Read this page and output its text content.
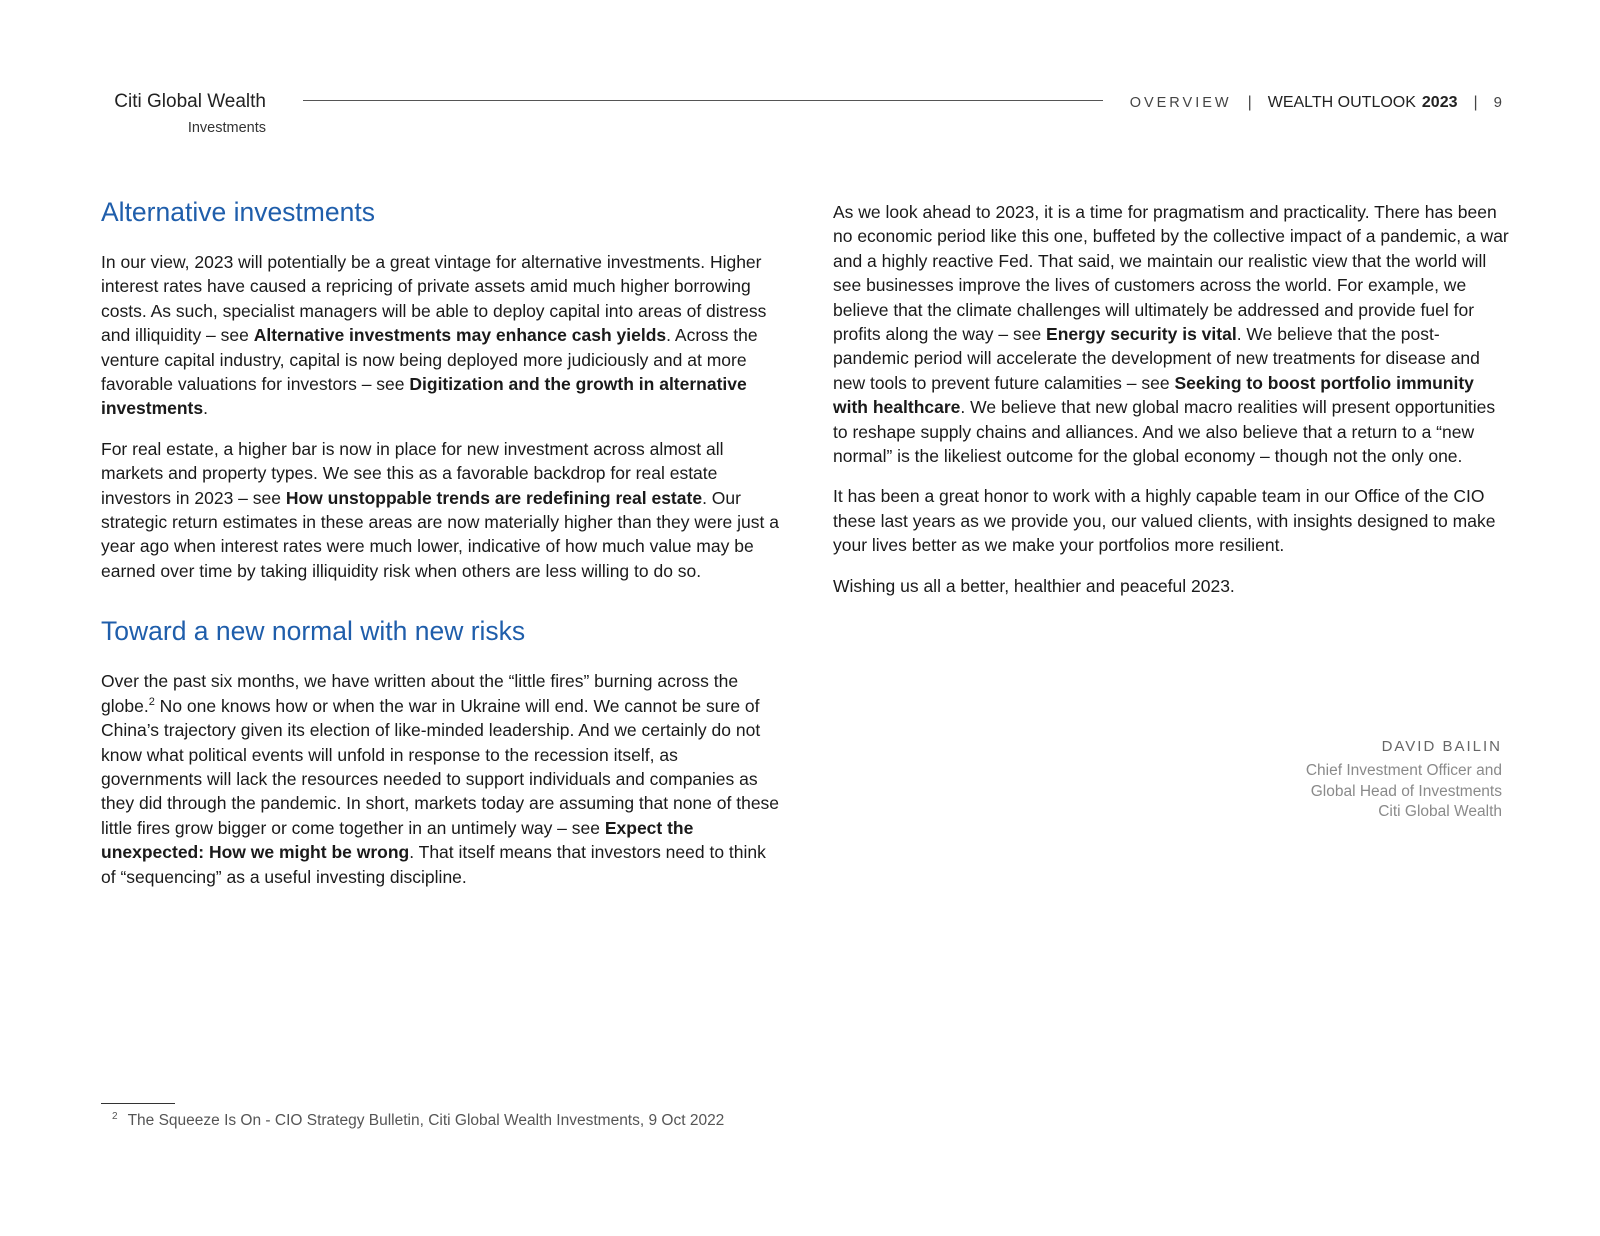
Citi Global Wealth
Investments
OVERVIEW | WEALTH OUTLOOK 2023 | 9
Alternative investments

In our view, 2023 will potentially be a great vintage for alternative investments. Higher interest rates have caused a repricing of private assets amid much higher borrowing costs. As such, specialist managers will be able to deploy capital into areas of distress and illiquidity – see Alternative investments may enhance cash yields. Across the venture capital industry, capital is now being deployed more judiciously and at more favorable valuations for investors – see Digitization and the growth in alternative investments.

For real estate, a higher bar is now in place for new investment across almost all markets and property types. We see this as a favorable backdrop for real estate investors in 2023 – see How unstoppable trends are redefining real estate. Our strategic return estimates in these areas are now materially higher than they were just a year ago when interest rates were much lower, indicative of how much value may be earned over time by taking illiquidity risk when others are less willing to do so.

Toward a new normal with new risks

Over the past six months, we have written about the “little fires” burning across the globe.$^2$ No one knows how or when the war in Ukraine will end. We cannot be sure of China’s trajectory given its election of like-minded leadership. And we certainly do not know what political events will unfold in response to the recession itself, as governments will lack the resources needed to support individuals and companies as they did through the pandemic. In short, markets today are assuming that none of these little fires grow bigger or come together in an untimely way – see Expect the unexpected: How we might be wrong. That itself means that investors need to think of “sequencing” as a useful investing discipline.

As we look ahead to 2023, it is a time for pragmatism and practicality. There has been no economic period like this one, buffeted by the collective impact of a pandemic, a war and a highly reactive Fed. That said, we maintain our realistic view that the world will see businesses improve the lives of customers across the world. For example, we believe that the climate challenges will ultimately be addressed and provide fuel for profits along the way – see Energy security is vital. We believe that the post-pandemic period will accelerate the development of new treatments for disease and new tools to prevent future calamities – see Seeking to boost portfolio immunity with healthcare. We believe that new global macro realities will present opportunities to reshape supply chains and alliances. And we also believe that a return to a “new normal” is the likeliest outcome for the global economy – though not the only one.

It has been a great honor to work with a highly capable team in our Office of the CIO these last years as we provide you, our valued clients, with insights designed to make your lives better as we make your portfolios more resilient.

Wishing us all a better, healthier and peaceful 2023.

DAVID BAILIN
Chief Investment Officer and
Global Head of Investments
Citi Global Wealth
$^2$ The Squeeze Is On - CIO Strategy Bulletin, Citi Global Wealth Investments, 9 Oct 2022
